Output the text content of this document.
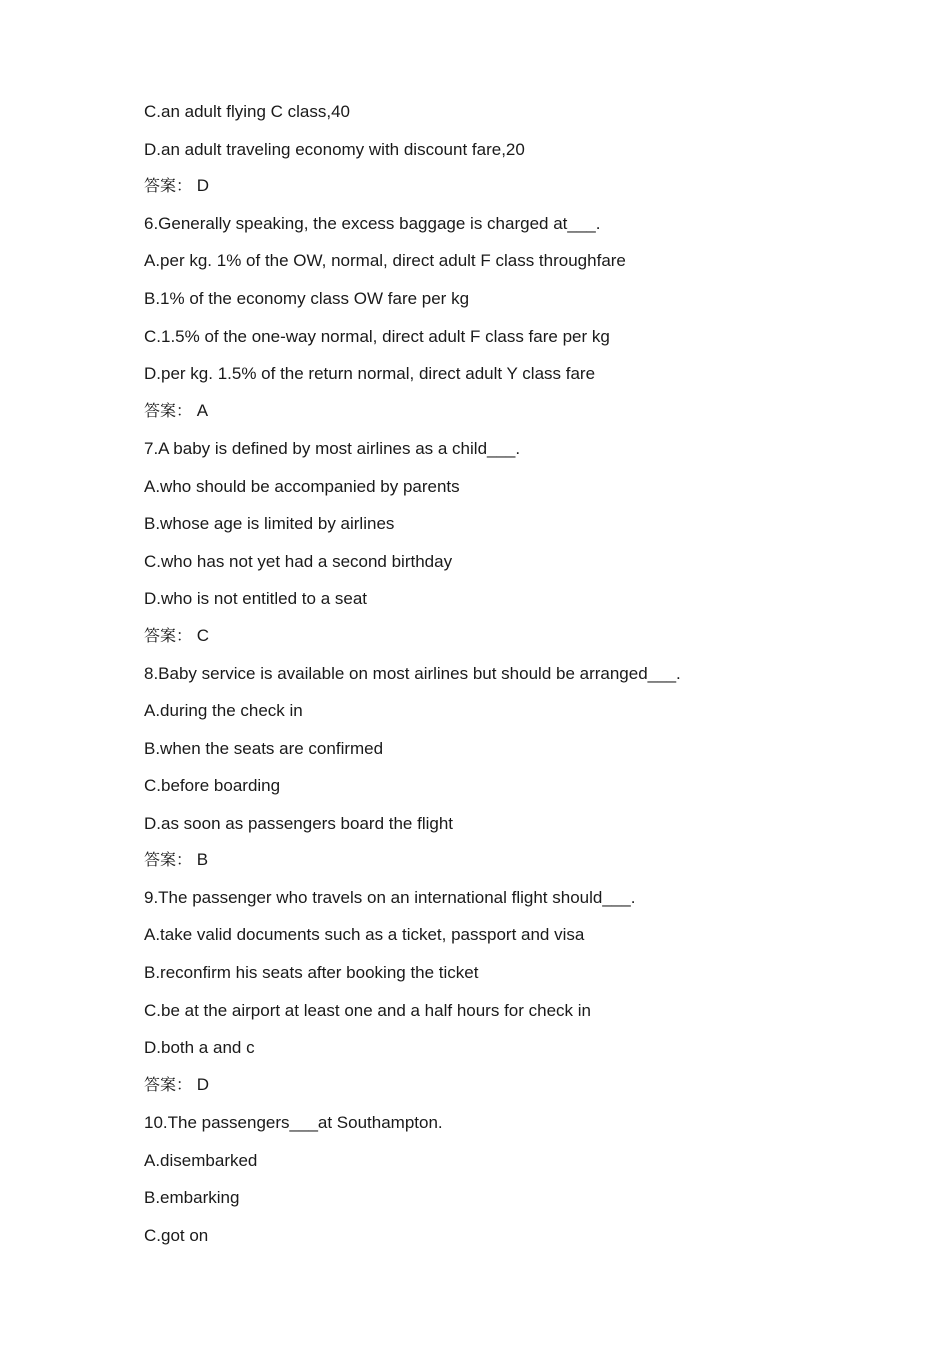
C.an adult flying C class,40
D.an adult traveling economy with discount fare,20
答案： D
6.Generally speaking, the excess baggage is charged at___.
A.per kg. 1% of the OW, normal, direct adult F class throughfare
B.1% of the economy class OW fare per kg
C.1.5% of the one-way normal, direct adult F class fare per kg
D.per kg. 1.5% of the return normal, direct adult Y class fare
答案： A
7.A baby is defined by most airlines as a child___.
A.who should be accompanied by parents
B.whose age is limited by airlines
C.who has not yet had a second birthday
D.who is not entitled to a seat
答案： C
8.Baby service is available on most airlines but should be arranged___.
A.during the check in
B.when the seats are confirmed
C.before boarding
D.as soon as passengers board the flight
答案： B
9.The passenger who travels on an international flight should___.
A.take valid documents such as a ticket, passport and visa
B.reconfirm his seats after booking the ticket
C.be at the airport at least one and a half hours for check in
D.both a and c
答案： D
10.The passengers___at Southampton.
A.disembarked
B.embarking
C.got on
